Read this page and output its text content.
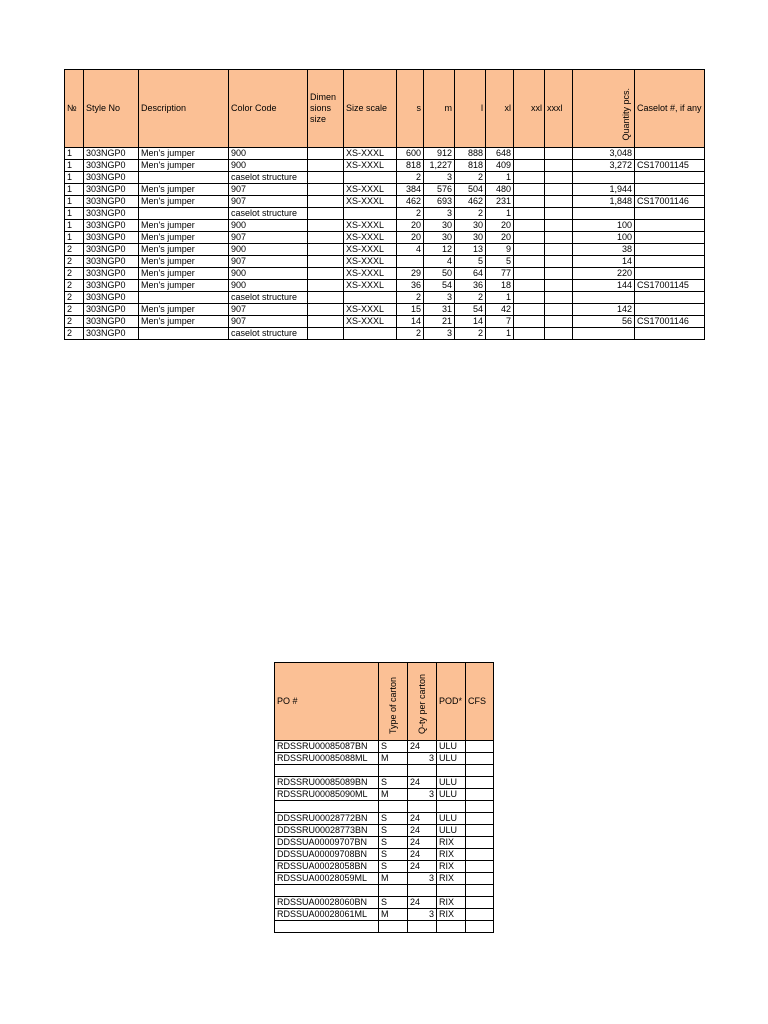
№	Style No	Description	Color Code	Dimen sions size	Size scale	s	m	l	xl	xxl	xxxl	Quantity pcs.	Caselot #, if any
1	303NGP0	Men's jumper	900		XS-XXXL	600	912	888	648			3,048	
1	303NGP0	Men's jumper	900		XS-XXXL	818	1,227	818	409			3,272	CS17001145
1	303NGP0		caselot structure			2	3	2	1				
1	303NGP0	Men's jumper	907		XS-XXXL	384	576	504	480			1,944	
1	303NGP0	Men's jumper	907		XS-XXXL	462	693	462	231			1,848	CS17001146
1	303NGP0		caselot structure			2	3	2	1				
1	303NGP0	Men's jumper	900		XS-XXXL	20	30	30	20			100	
1	303NGP0	Men's jumper	907		XS-XXXL	20	30	30	20			100	
2	303NGP0	Men's jumper	900		XS-XXXL	4	12	13	9			38	
2	303NGP0	Men's jumper	907		XS-XXXL		4	5	5			14	
2	303NGP0	Men's jumper	900		XS-XXXL	29	50	64	77			220	
2	303NGP0	Men's jumper	900		XS-XXXL	36	54	36	18			144	CS17001145
2	303NGP0		caselot structure			2	3	2	1				
2	303NGP0	Men's jumper	907		XS-XXXL	15	31	54	42			142	
2	303NGP0	Men's jumper	907		XS-XXXL	14	21	14	7			56	CS17001146
2	303NGP0		caselot structure			2	3	2	1				
PO #	Type of carton	Q-ty per carton	POD*	CFS
RDSSRU00085087BN	S	24	ULU	
RDSSRU00085088ML	M	3	ULU	

RDSSRU00085089BN	S	24	ULU	
RDSSRU00085090ML	M	3	ULU	

DDSSRU00028772BN	S	24	ULU	
DDSSRU00028773BN	S	24	ULU	
DDSSUA00009707BN	S	24	RIX	
DDSSUA00009708BN	S	24	RIX	
RDSSUA00028058BN	S	24	RIX	
RDSSUA00028059ML	M	3	RIX	

RDSSUA00028060BN	S	24	RIX	
RDSSUA00028061ML	M	3	RIX	
